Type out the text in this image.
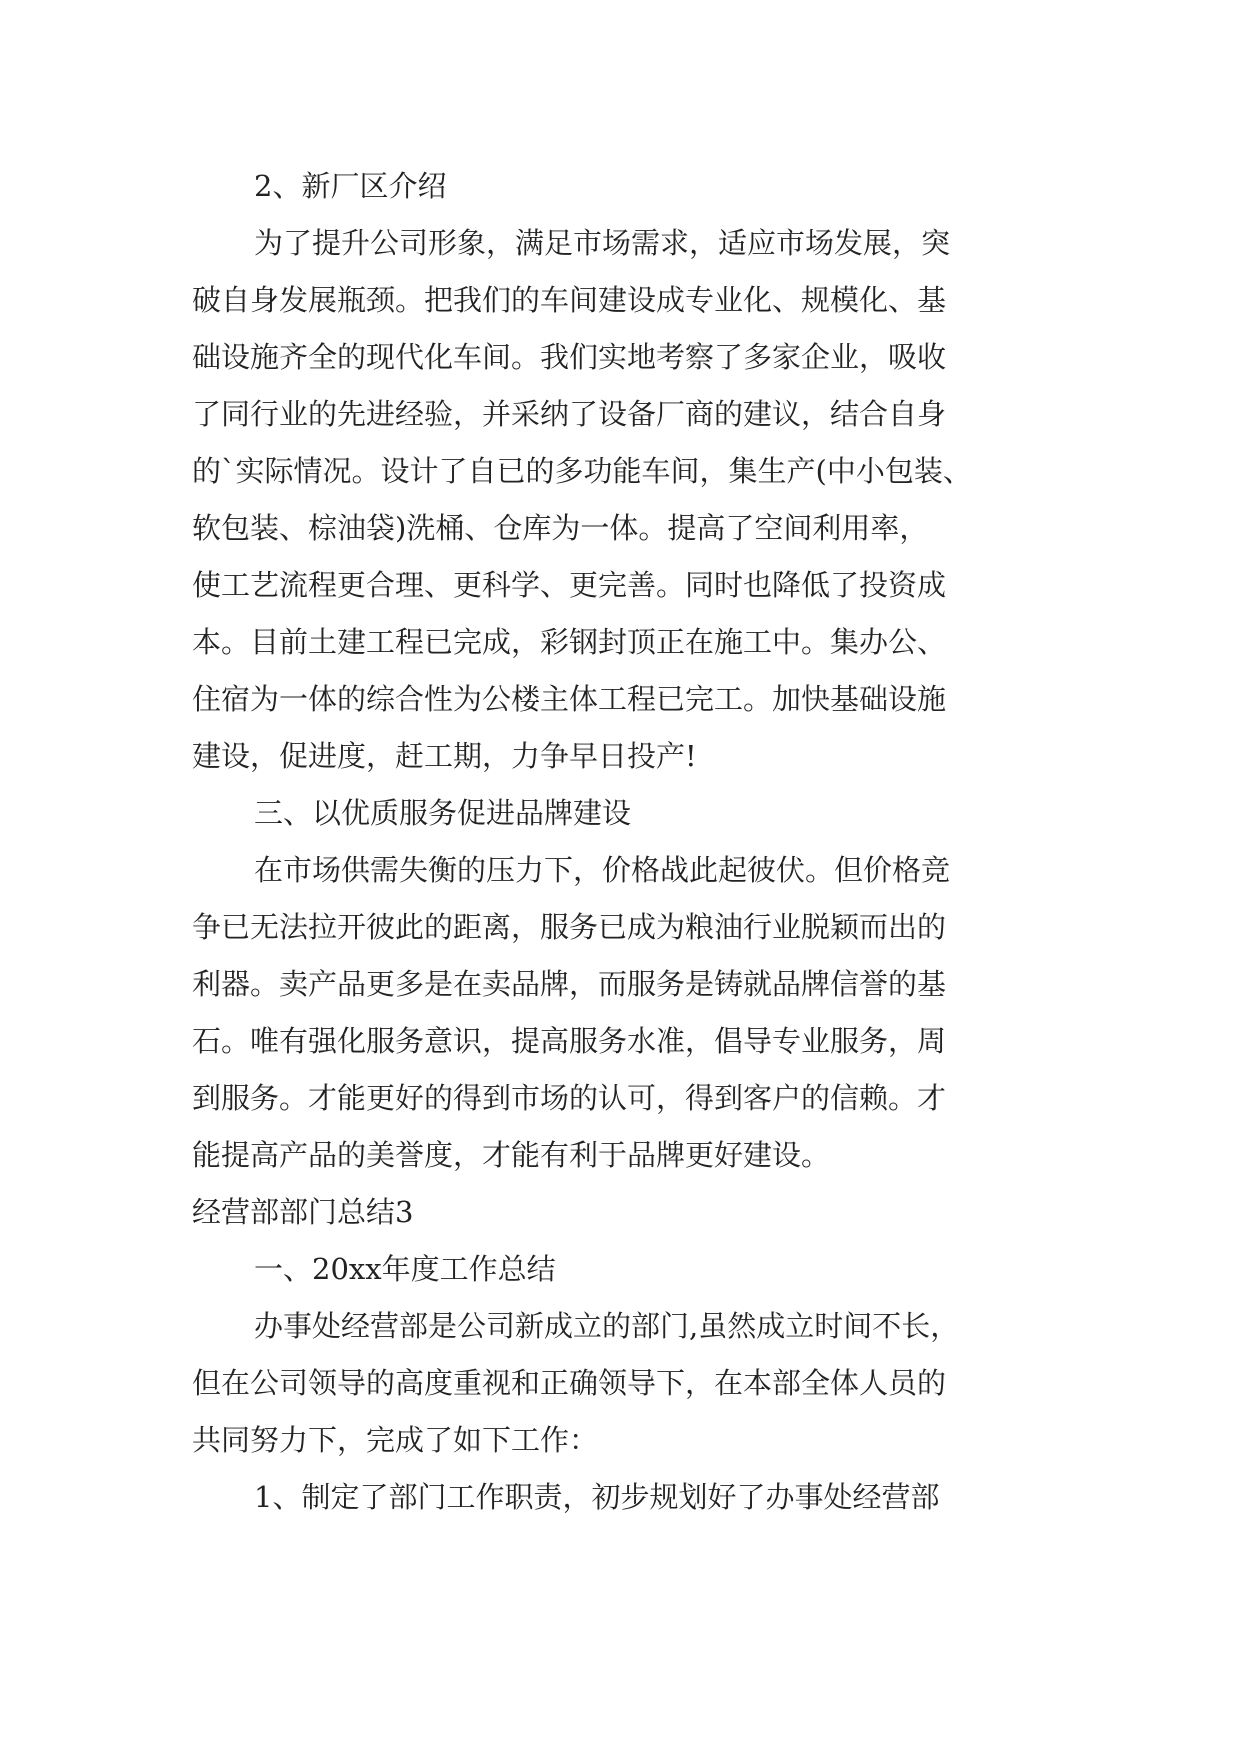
2、新厂区介绍
为了提升公司形象，满足市场需求，适应市场发展，突
破自身发展瓶颈。把我们的车间建设成专业化、规模化、基
础设施齐全的现代化车间。我们实地考察了多家企业，吸收
了同行业的先进经验，并采纳了设备厂商的建议，结合自身
的`实际情况。设计了自已的多功能车间，集生产(中小包装、
软包装、棕油袋)洗桶、仓库为一体。提高了空间利用率，
使工艺流程更合理、更科学、更完善。同时也降低了投资成
本。目前土建工程已完成，彩钢封顶正在施工中。集办公、
住宿为一体的综合性为公楼主体工程已完工。加快基础设施
建设，促进度，赶工期，力争早日投产!
三、以优质服务促进品牌建设
在市场供需失衡的压力下，价格战此起彼伏。但价格竞
争已无法拉开彼此的距离，服务已成为粮油行业脱颖而出的
利器。卖产品更多是在卖品牌，而服务是铸就品牌信誉的基
石。唯有强化服务意识，提高服务水准，倡导专业服务，周
到服务。才能更好的得到市场的认可，得到客户的信赖。才
能提高产品的美誉度，才能有利于品牌更好建设。
经营部部门总结3
一、20xx年度工作总结
办事处经营部是公司新成立的部门,虽然成立时间不长，
但在公司领导的高度重视和正确领导下，在本部全体人员的
共同努力下，完成了如下工作：
1、制定了部门工作职责，初步规划好了办事处经营部
